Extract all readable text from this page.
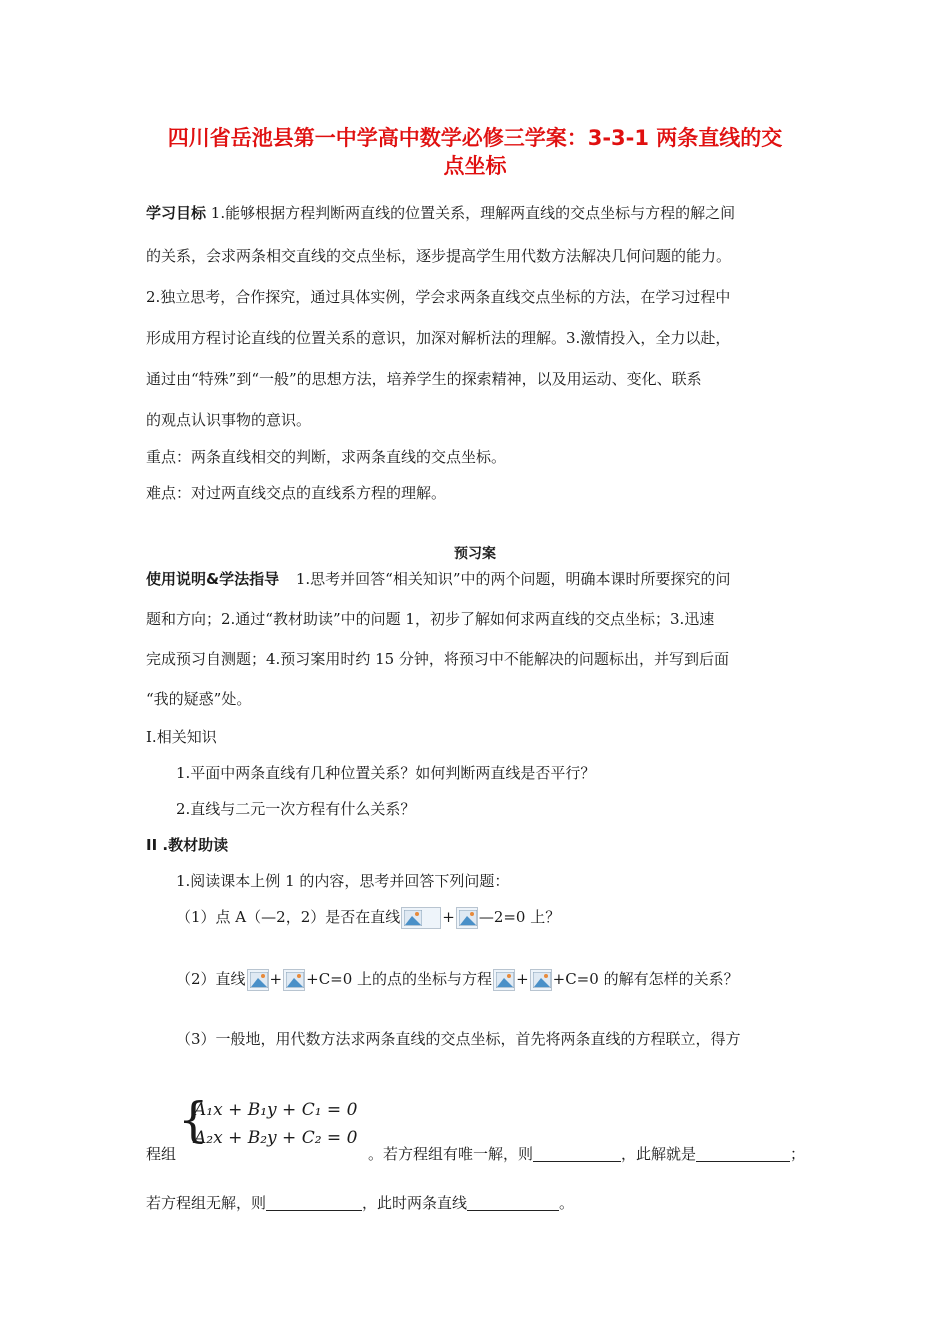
四川省岳池县第一中学高中数学必修三学案：3-3-1 两条直线的交
点坐标
学习目标 1.能够根据方程判断两直线的位置关系，理解两直线的交点坐标与方程的解之间
的关系，会求两条相交直线的交点坐标，逐步提高学生用代数方法解决几何问题的能力。
2.独立思考，合作探究，通过具体实例，学会求两条直线交点坐标的方法，在学习过程中
形成用方程讨论直线的位置关系的意识，加深对解析法的理解。3.激情投入，全力以赴，
通过由“特殊”到“一般”的思想方法，培养学生的探索精神，以及用运动、变化、联系
的观点认识事物的意识。
重点：两条直线相交的判断，求两条直线的交点坐标。
难点：对过两直线交点的直线系方程的理解。
预习案
使用说明&学法指导 1.思考并回答“相关知识”中的两个问题，明确本课时所要探究的问
题和方向；2.通过“教材助读”中的问题 1，初步了解如何求两直线的交点坐标；3.迅速
完成预习自测题；4.预习案用时约 15 分钟，将预习中不能解决的问题标出，并写到后面
“我的疑惑”处。
I.相关知识
1.平面中两条直线有几种位置关系？如何判断两直线是否平行？
2.直线与二元一次方程有什么关系？
II .教材助读
1.阅读课本上例 1 的内容，思考并回答下列问题：
（1）点 A（—2，2）是否在直线	+ —2=0 上？
（2）直线 + +C=0 上的点的坐标与方程 + +C=0 的解有怎样的关系？
（3）一般地，用代数方法求两条直线的交点坐标，首先将两条直线的方程联立，得方
{
A₁x + B₁y + C₁ = 0
A₂x + B₂y + C₂ = 0
程组	。若方程组有唯一解，则	，此解就是	；
若方程组无解，则	，此时两条直线	。
